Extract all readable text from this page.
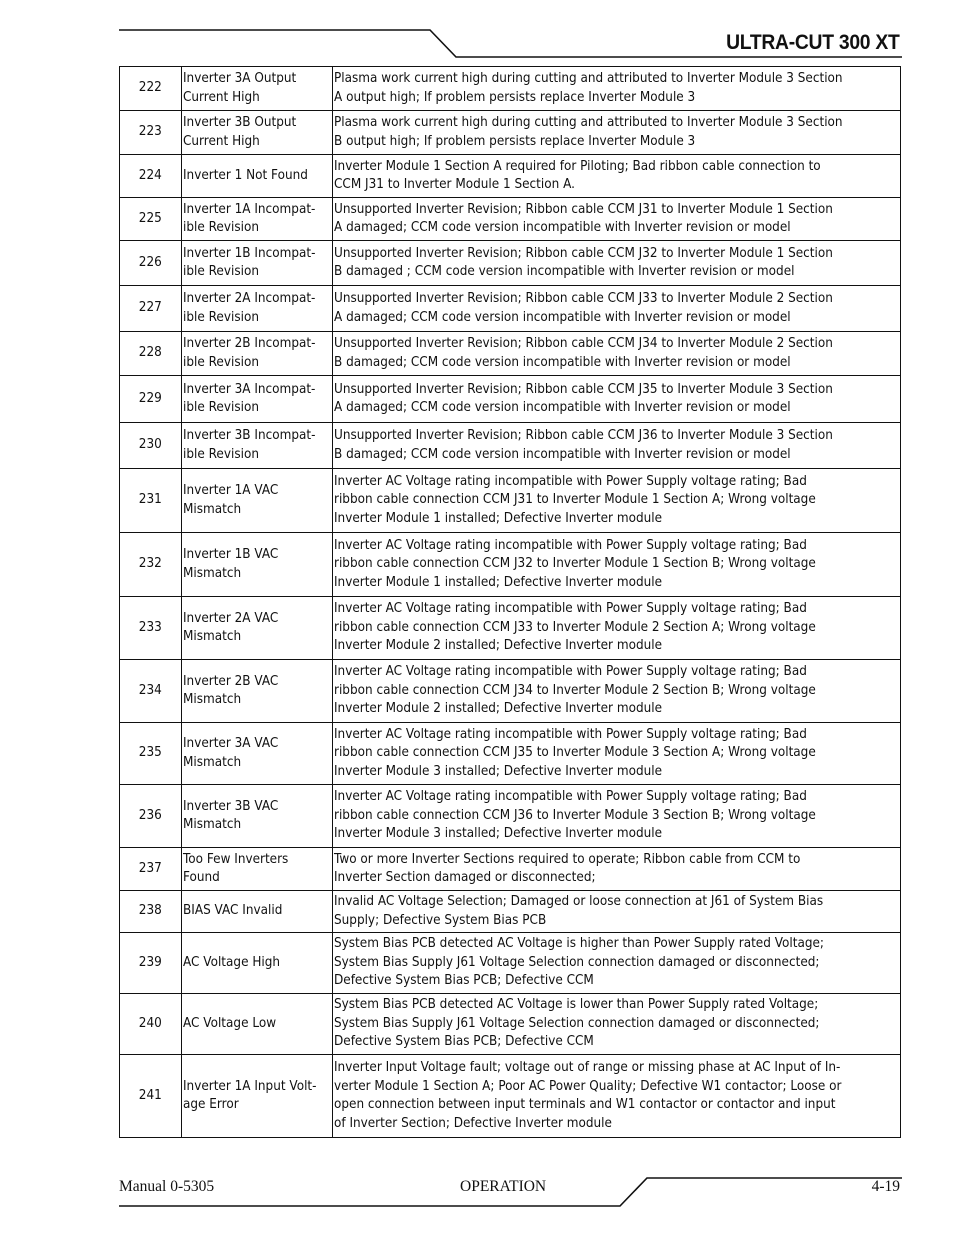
ULTRA-CUT 300 XT
222	Inverter 3A Output
Current High	Plasma work current high during cutting and attributed to Inverter Module 3 Section
A output high; If problem persists replace Inverter Module 3

223	Inverter 3B Output
Current High	Plasma work current high during cutting and attributed to Inverter Module 3 Section
B output high; If problem persists replace Inverter Module 3

224	Inverter 1 Not Found	Inverter Module 1 Section A required for Piloting; Bad ribbon cable connection to
CCM J31 to Inverter Module 1 Section A.

225	Inverter 1A Incompat-
ible Revision	Unsupported Inverter Revision; Ribbon cable CCM J31 to Inverter Module 1 Section
A damaged; CCM code version incompatible with Inverter revision or model

226	Inverter 1B Incompat-
ible Revision	Unsupported Inverter Revision; Ribbon cable CCM J32 to Inverter Module 1 Section
B damaged ; CCM code version incompatible with Inverter revision or model

227	Inverter 2A Incompat-
ible Revision	Unsupported Inverter Revision; Ribbon cable CCM J33 to Inverter Module 2 Section
A damaged; CCM code version incompatible with Inverter revision or model

228	Inverter 2B Incompat-
ible Revision	Unsupported Inverter Revision; Ribbon cable CCM J34 to Inverter Module 2 Section
B damaged; CCM code version incompatible with Inverter revision or model

229	Inverter 3A Incompat-
ible Revision	Unsupported Inverter Revision; Ribbon cable CCM J35 to Inverter Module 3 Section
A damaged; CCM code version incompatible with Inverter revision or model

230	Inverter 3B Incompat-
ible Revision	Unsupported Inverter Revision; Ribbon cable CCM J36 to Inverter Module 3 Section
B damaged; CCM code version incompatible with Inverter revision or model

231	Inverter 1A VAC
Mismatch	Inverter AC Voltage rating incompatible with Power Supply voltage rating; Bad
ribbon cable connection CCM J31 to Inverter Module 1 Section A; Wrong voltage
Inverter Module 1 installed; Defective Inverter module

232	Inverter 1B VAC
Mismatch	Inverter AC Voltage rating incompatible with Power Supply voltage rating; Bad
ribbon cable connection CCM J32 to Inverter Module 1 Section B; Wrong voltage
Inverter Module 1 installed; Defective Inverter module

233	Inverter 2A VAC
Mismatch	Inverter AC Voltage rating incompatible with Power Supply voltage rating; Bad
ribbon cable connection CCM J33 to Inverter Module 2 Section A; Wrong voltage
Inverter Module 2 installed; Defective Inverter module

234	Inverter 2B VAC
Mismatch	Inverter AC Voltage rating incompatible with Power Supply voltage rating; Bad
ribbon cable connection CCM J34 to Inverter Module 2 Section B; Wrong voltage
Inverter Module 2 installed; Defective Inverter module

235	Inverter 3A VAC
Mismatch	Inverter AC Voltage rating incompatible with Power Supply voltage rating; Bad
ribbon cable connection CCM J35 to Inverter Module 3 Section A; Wrong voltage
Inverter Module 3 installed; Defective Inverter module

236	Inverter 3B VAC
Mismatch	Inverter AC Voltage rating incompatible with Power Supply voltage rating; Bad
ribbon cable connection CCM J36 to Inverter Module 3 Section B; Wrong voltage
Inverter Module 3 installed; Defective Inverter module

237	Too Few Inverters
Found	Two or more Inverter Sections required to operate; Ribbon cable from CCM to
Inverter Section damaged or disconnected;

238	BIAS VAC Invalid	Invalid AC Voltage Selection; Damaged or loose connection at J61 of System Bias
Supply; Defective System Bias PCB

239	AC Voltage High	System Bias PCB detected AC Voltage is higher than Power Supply rated Voltage;
System Bias Supply J61 Voltage Selection connection damaged or disconnected;
Defective System Bias PCB; Defective CCM

240	AC Voltage Low	System Bias PCB detected AC Voltage is lower than Power Supply rated Voltage;
System Bias Supply J61 Voltage Selection connection damaged or disconnected;
Defective System Bias PCB; Defective CCM

241	Inverter 1A Input Volt-
age Error	Inverter Input Voltage fault; voltage out of range or missing phase at AC Input of In-
verter Module 1 Section A; Poor AC Power Quality; Defective W1 contactor; Loose or
open connection between input terminals and W1 contactor or contactor and input
of Inverter Section; Defective Inverter module
Manual 0-5305	OPERATION	4-19
